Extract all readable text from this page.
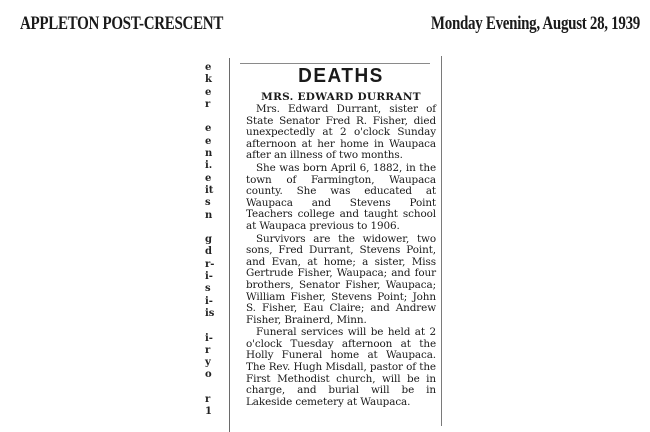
APPLETON POST-CRESCENT	Monday Evening, August 28, 1939
e
k
e
r
e
e
n
i.
e
it
s
n
g
d
r-
i-
s
i-
is
i-
r
y
o
r
1
DEATHS
MRS. EDWARD DURRANT

Mrs. Edward Durrant, sister of State Senator Fred R. Fisher, died unexpectedly at 2 o'clock Sunday afternoon at her home in Waupaca after an illness of two months.

She was born April 6, 1882, in the town of Farmington, Waupaca county. She was educated at Waupaca and Stevens Point Teachers college and taught school at Waupaca previous to 1906.

Survivors are the widower, two sons, Fred Durrant, Stevens Point, and Evan, at home; a sister, Miss Gertrude Fisher, Waupaca; and four brothers, Senator Fisher, Waupaca; William Fisher, Stevens Point; John S. Fisher, Eau Claire; and Andrew Fisher, Brainerd, Minn.

Funeral services will be held at 2 o'clock Tuesday afternoon at the Holly Funeral home at Waupaca. The Rev. Hugh Misdall, pastor of the First Methodist church, will be in charge, and burial will be in Lakeside cemetery at Waupaca.
